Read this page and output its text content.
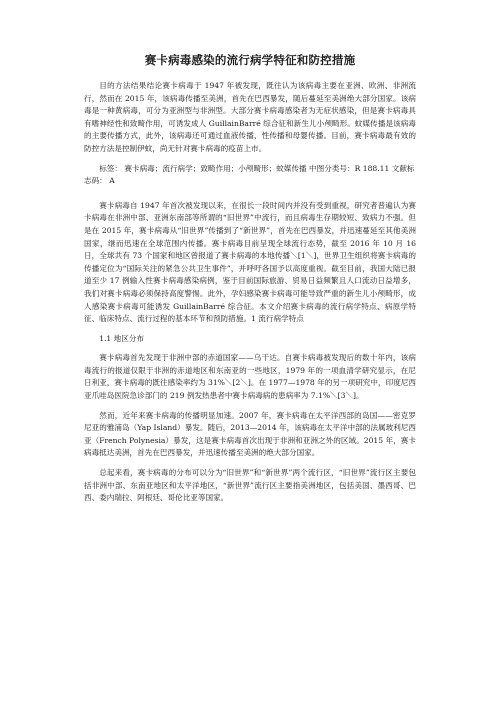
赛卡病毒感染的流行病学特征和防控措施

目的方法结果结论赛卡病毒于 1947 年被发现，既往认为该病毒主要在亚洲、欧洲、非洲流行，然而在 2015 年，该病毒传播至美洲，首先在巴西暴发，随后蔓延至美洲绝大部分国家。该病毒是一种黄病毒，可分为亚洲型与非洲型。大部分赛卡病毒感染者为无症状感染，但是赛卡病毒具有嗜神经性和致畸作用，可诱发成人 GuillainBarré 综合征和新生儿小颅畸形。蚊媒传播是该病毒的主要传播方式，此外，该病毒还可通过血液传播、性传播和母婴传播。目前，赛卡病毒最有效的防控方法是控制伊蚊，尚无针对赛卡病毒的疫苗上市。

标签： 赛卡病毒；流行病学；致畸作用；小颅畸形；蚊媒传播 中图分类号：R 188.11 文献标志码： A

赛卡病毒自 1947 年首次被发现以来，在很长一段时间内并没有受到重视，研究者普遍认为赛卡病毒在非洲中部、亚洲东南部等所谓的“旧世界”中流行，而且病毒生存期较短、致病力不强。但是在 2015 年，赛卡病毒从“旧世界”传播到了“新世界”，首先在巴西暴发，并迅速蔓延至其他美洲国家，继而迅速在全球范围内传播。赛卡病毒目前呈现全球流行态势，截至 2016 年 10 月 16 日，全球共有 73 个国家和地区曾报道了赛卡病毒的本地传播＼[1＼]，世界卫生组织将赛卡病毒的传播定位为“国际关注的紧急公共卫生事件”，并呼吁各国予以高度重视。截至目前，我国大陆已报道至少 17 例输入性赛卡病毒感染病例，鉴于目前国际旅游、贸易日益频繁且人口流动日益增多，我们对赛卡病毒必须保持高度警惕。此外，孕妇感染赛卡病毒可能导致严重的新生儿小颅畸形，成人感染赛卡病毒可能诱发 GuillainBarré 综合征。本文介绍赛卡病毒的流行病学特点、病原学特征、临床特点、流行过程的基本环节和预防措施。1 流行病学特点

1.1 地区分布

赛卡病毒首先发现于非洲中部的赤道国家——乌干达。自赛卡病毒被发现后的数十年内，该病毒流行的报道仅限于非洲的赤道地区和东南亚的一些地区，1979 年的一项血清学研究显示，在尼日利亚，赛卡病毒的既往感染率约为 31%＼[2＼]。在 1977—1978 年的另一项研究中，印度尼西亚爪哇岛医院急诊部门的 219 例发热患者中赛卡病毒病的患病率为 7.1%＼[3＼]。

然而，近年来赛卡病毒的传播明显加速。2007 年，赛卡病毒在太平洋西部的岛国——密克罗尼亚的雅浦岛（Yap Island）暴发。随后，2013—2014 年，该病毒在太平洋中部的法属玻利尼西亚（French Polynesia）暴发，这是赛卡病毒首次出现于非洲和亚洲之外的区域。2015 年，赛卡病毒抵达美洲，首先在巴西暴发，并迅速传播至美洲的绝大部分国家。

总起来看，赛卡病毒的分布可以分为“旧世界”和“新世界”两个流行区，“旧世界”流行区主要包括非洲中部、东南亚地区和太平洋地区，“新世界”流行区主要指美洲地区，包括美国、墨西哥、巴西、委内瑞拉、阿根廷、哥伦比亚等国家。
